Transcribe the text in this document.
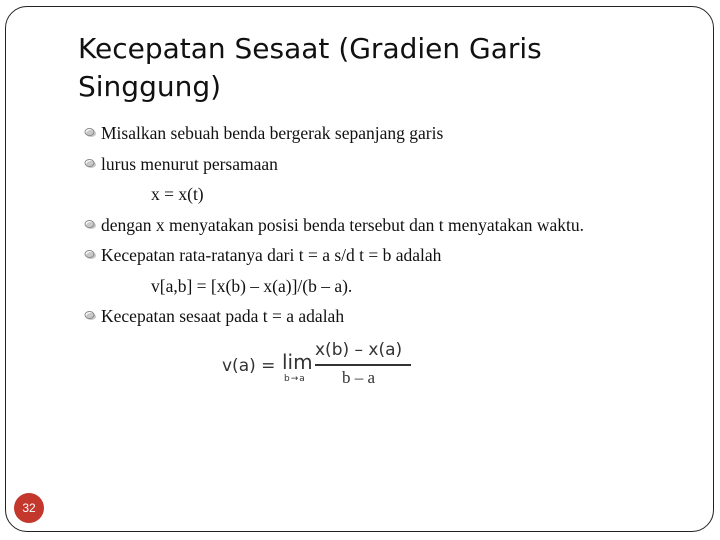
Kecepatan Sesaat (Gradien Garis Singgung)
Misalkan sebuah benda bergerak sepanjang garis
lurus menurut persamaan
x = x(t)
dengan x menyatakan posisi benda tersebut dan t menyatakan waktu.
Kecepatan rata-ratanya dari t = a s/d t = b adalah
v[a,b] = [x(b) – x(a)]/(b – a).
Kecepatan sesaat pada t = a adalah
v(a) = lim
b→a
x(b) – x(a)
b – a
32
